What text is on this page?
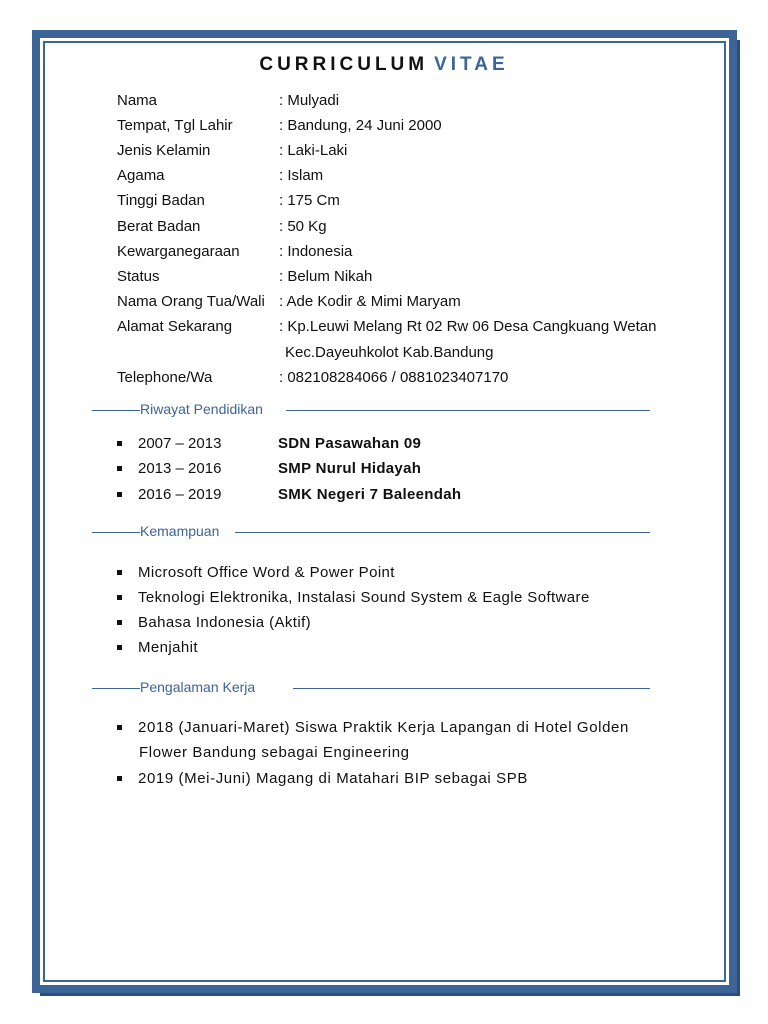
CURRICULUM VITAE
Nama	: Mulyadi
Tempat, Tgl Lahir	: Bandung, 24 Juni 2000
Jenis Kelamin	: Laki-Laki
Agama	: Islam
Tinggi Badan	: 175 Cm
Berat Badan	: 50 Kg
Kewarganegaraan	: Indonesia
Status	: Belum Nikah
Nama Orang Tua/Wali : Ade Kodir & Mimi Maryam
Alamat Sekarang	: Kp.Leuwi Melang Rt 02 Rw 06 Desa Cangkuang Wetan
Kec.Dayeuhkolot Kab.Bandung
Telephone/Wa	: 082108284066 / 0881023407170
Riwayat Pendidikan
2007 – 2013	SDN Pasawahan 09
2013 – 2016	SMP Nurul Hidayah
2016 – 2019	SMK Negeri 7 Baleendah
Kemampuan
Microsoft Office Word & Power Point
Teknologi Elektronika, Instalasi Sound System & Eagle Software
Bahasa Indonesia (Aktif)
Menjahit
Pengalaman Kerja
2018 (Januari-Maret) Siswa Praktik Kerja Lapangan di Hotel Golden
Flower Bandung sebagai Engineering
2019 (Mei-Juni) Magang di Matahari BIP sebagai SPB
